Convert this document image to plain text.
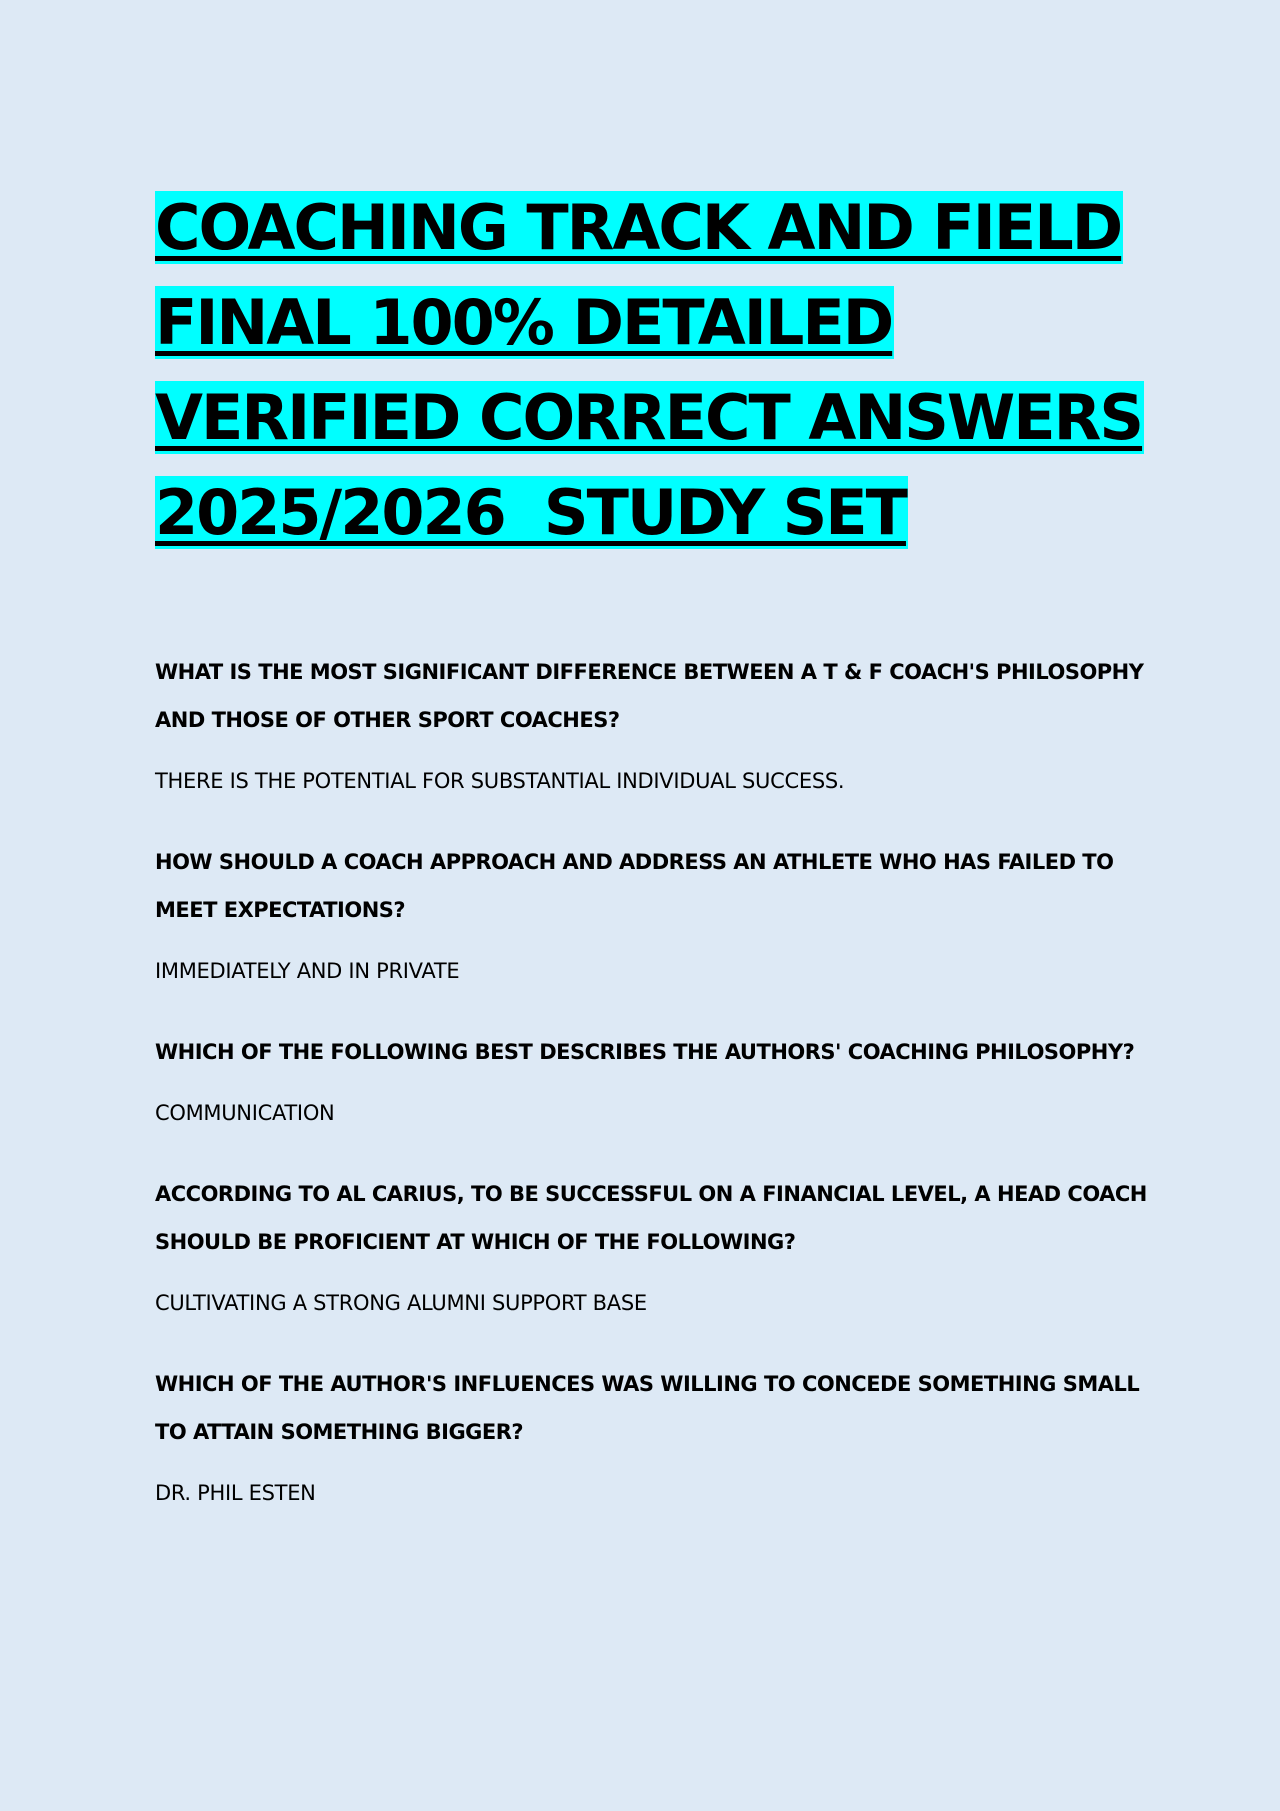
COACHING TRACK AND FIELD
FINAL 100% DETAILED
VERIFIED CORRECT ANSWERS
2025/2026  STUDY SET

WHAT IS THE MOST SIGNIFICANT DIFFERENCE BETWEEN A T & F COACH'S PHILOSOPHY AND THOSE OF OTHER SPORT COACHES?

THERE IS THE POTENTIAL FOR SUBSTANTIAL INDIVIDUAL SUCCESS.

HOW SHOULD A COACH APPROACH AND ADDRESS AN ATHLETE WHO HAS FAILED TO MEET EXPECTATIONS?

IMMEDIATELY AND IN PRIVATE

WHICH OF THE FOLLOWING BEST DESCRIBES THE AUTHORS' COACHING PHILOSOPHY?

COMMUNICATION

ACCORDING TO AL CARIUS, TO BE SUCCESSFUL ON A FINANCIAL LEVEL, A HEAD COACH SHOULD BE PROFICIENT AT WHICH OF THE FOLLOWING?

CULTIVATING A STRONG ALUMNI SUPPORT BASE

WHICH OF THE AUTHOR'S INFLUENCES WAS WILLING TO CONCEDE SOMETHING SMALL TO ATTAIN SOMETHING BIGGER?

DR. PHIL ESTEN
